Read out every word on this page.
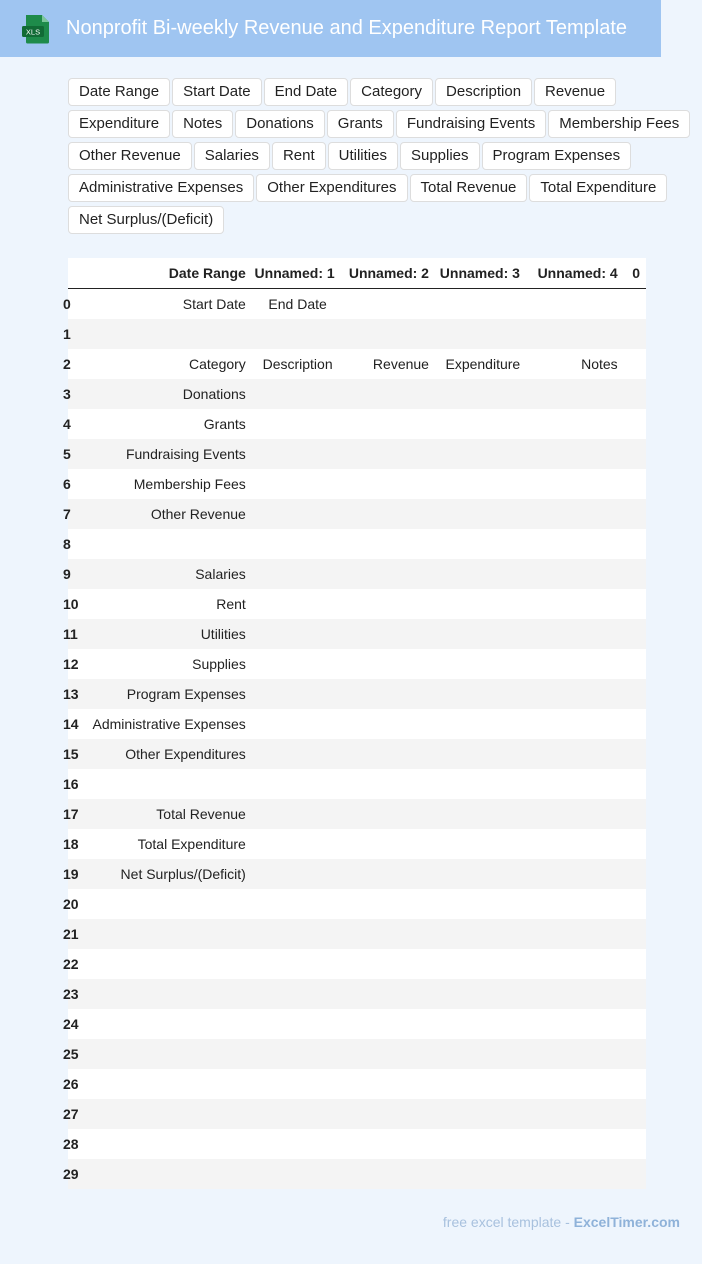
XLS Nonprofit Bi-weekly Revenue and Expenditure Report Template
Date Range	Start Date	End Date	Category	Description	Revenue
Expenditure	Notes	Donations	Grants	Fundraising Events	Membership Fees
Other Revenue	Salaries	Rent	Utilities	Supplies	Program Expenses
Administrative Expenses	Other Expenditures	Total Revenue	Total Expenditure
Net Surplus/(Deficit)
	Date Range	Unnamed: 1	Unnamed: 2	Unnamed: 3	Unnamed: 4	0
0	Start Date	End Date				
1						
2	Category	Description	Revenue	Expenditure	Notes	
3	Donations					
4	Grants					
5	Fundraising Events					
6	Membership Fees					
7	Other Revenue					
8						
9	Salaries					
10	Rent					
11	Utilities					
12	Supplies					
13	Program Expenses					
14	Administrative Expenses					
15	Other Expenditures					
16						
17	Total Revenue					
18	Total Expenditure					
19	Net Surplus/(Deficit)					
20						
21						
22						
23						
24						
25						
26						
27						
28						
29						
free excel template - ExcelTimer.com
